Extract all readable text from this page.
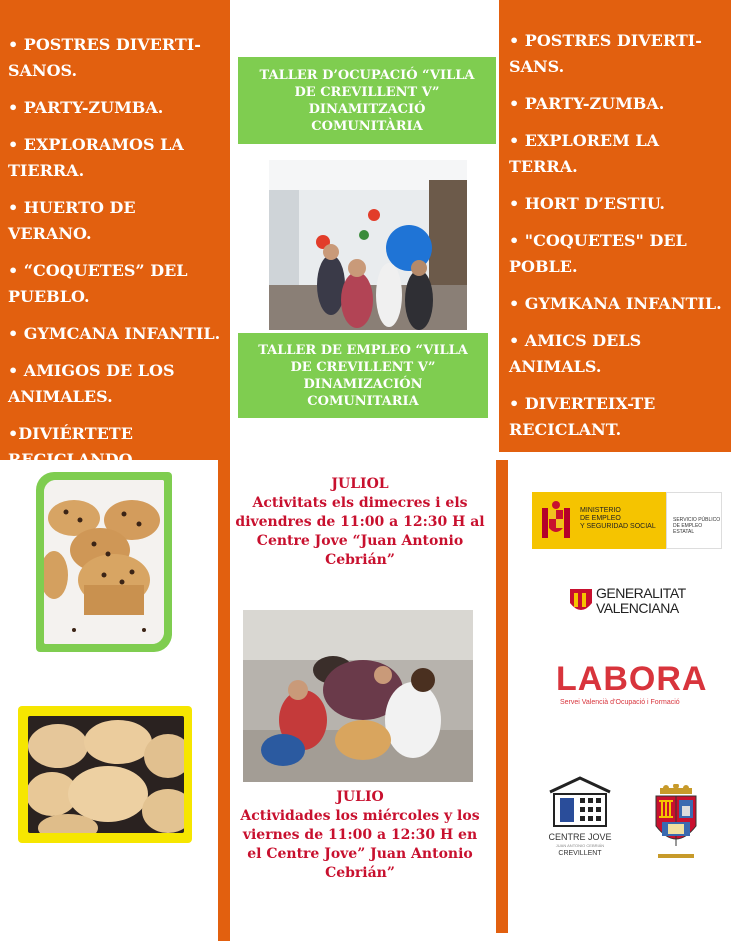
• POSTRES DIVERTI-SANOS.
• PARTY-ZUMBA.
• EXPLORAMOS LA TIERRA.
• HUERTO DE VERANO.
• “COQUETES” DEL PUEBLO.
• GYMCANA INFANTIL.
• AMIGOS DE LOS ANIMALES.
•DIVIÉRTETE RECICLANDO.
• POSTRES DIVERTI-SANS.
• PARTY-ZUMBA.
• EXPLOREM LA TERRA.
• HORT D’ESTIU.
• "COQUETES" DEL POBLE.
• GYMKANA INFANTIL.
• AMICS DELS ANIMALS.
• DIVERTEIX-TE RECICLANT.
TALLER D’OCUPACIÓ “VILLA DE CREVILLENT V” DINAMITZACIÓ COMUNITÀRIA
TALLER DE EMPLEO “VILLA DE CREVILLENT V” DINAMIZACIÓN COMUNITARIA
JULIOL
Activitats els dimecres i els divendres de 11:00 a 12:30 H al Centre Jove “Juan Antonio Cebrián”
JULIO
Actividades los miércoles y los viernes de 11:00 a 12:30 H en el Centre Jove” Juan Antonio Cebrián”
MINISTERIO
DE EMPLEO
Y SEGURIDAD SOCIAL
SERVICIO PÚBLICO
DE EMPLEO ESTATAL
GENERALITAT
VALENCIANA
LABORA
Servei Valencià d’Ocupació i Formació
CENTRE JOVE
JUAN ANTONIO CEBRIÁN
CREVILLENT
